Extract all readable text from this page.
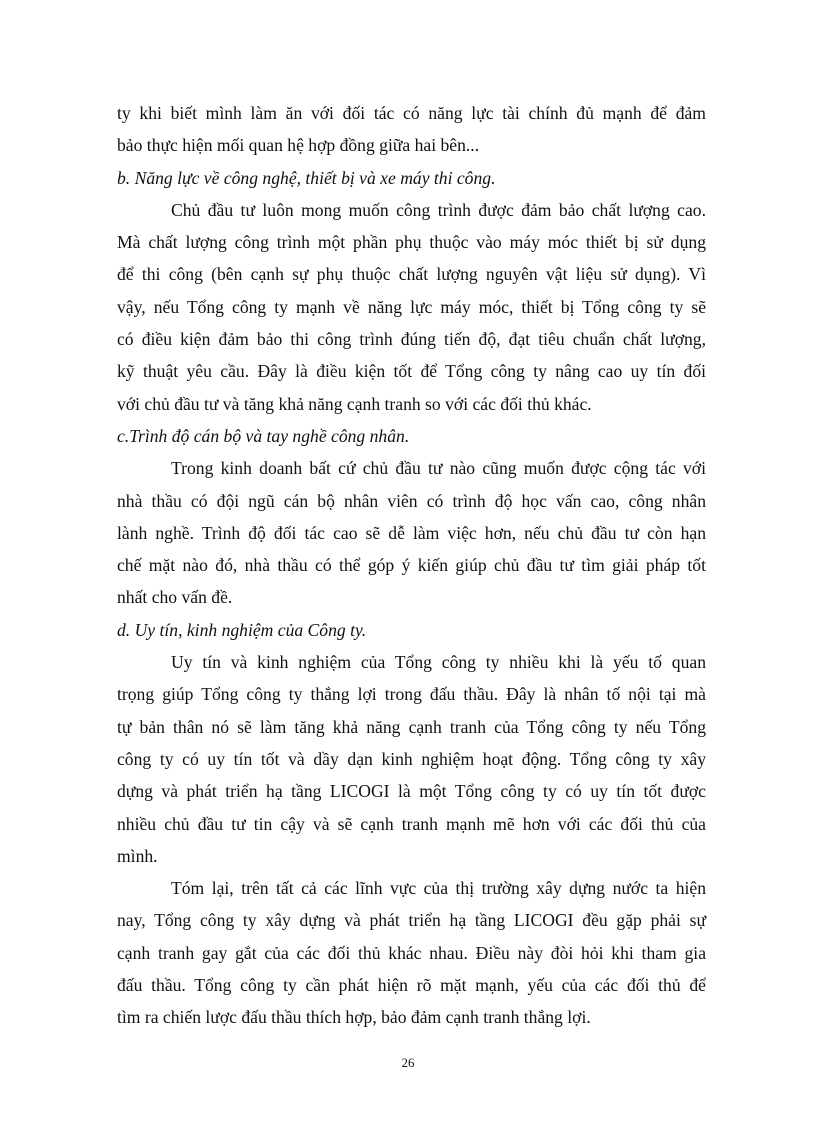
ty khi biết mình làm ăn với đối tác có năng lực tài chính đủ mạnh để đảm
bảo thực hiện mối quan hệ hợp đồng giữa hai bên...
b. Năng lực về công nghệ, thiết bị và xe máy thi công.
Chủ đầu tư luôn mong muốn công trình được đảm bảo chất lượng cao.
Mà chất lượng công trình một phần phụ thuộc vào máy móc thiết bị sử dụng
để thi công (bên cạnh sự phụ thuộc chất lượng nguyên vật liệu sử dụng). Vì
vậy, nếu Tổng công ty mạnh về năng lực máy móc, thiết bị Tổng công ty sẽ
có điều kiện đảm bảo thi công trình đúng tiến độ, đạt tiêu chuẩn chất lượng,
kỹ thuật yêu cầu. Đây là điều kiện tốt để Tổng công ty nâng cao uy tín đối
với chủ đầu tư và tăng khả năng cạnh tranh so với các đối thủ khác.
c.Trình độ cán bộ và tay nghề công nhân.
Trong kinh doanh bất cứ chủ đầu tư nào cũng muốn được cộng tác với
nhà thầu có đội ngũ cán bộ nhân viên có trình độ học vấn cao, công nhân
lành nghề. Trình độ đối tác cao sẽ dễ làm việc hơn, nếu chủ đầu tư còn hạn
chế mặt nào đó, nhà thầu có thể góp ý kiến giúp chủ đầu tư tìm giải pháp tốt
nhất cho vấn đề.
d. Uy tín, kinh nghiệm của Công ty.
Uy tín và kinh nghiệm của Tổng công ty nhiều khi là yếu tố quan
trọng giúp Tổng công ty thắng lợi trong đấu thầu. Đây là nhân tố nội tại mà
tự bản thân nó sẽ làm tăng khả năng cạnh tranh của Tổng công ty nếu Tổng
công ty có uy tín tốt và dầy dạn kinh nghiệm hoạt động. Tổng công ty xây
dựng và phát triển hạ tầng LICOGI là một Tổng công ty có uy tín tốt được
nhiều chủ đầu tư tin cậy và sẽ cạnh tranh mạnh mẽ hơn với các đối thủ của
mình.
Tóm lại, trên tất cả các lĩnh vực của thị trường xây dựng nước ta hiện
nay, Tổng công ty xây dựng và phát triển hạ tầng LICOGI đều gặp phải sự
cạnh tranh gay gắt của các đối thủ khác nhau. Điều này đòi hỏi khi tham gia
đấu thầu. Tổng công ty cần phát hiện rõ mặt mạnh, yếu của các đối thủ để
tìm ra chiến lược đấu thầu thích hợp, bảo đảm cạnh tranh thắng lợi.
26
